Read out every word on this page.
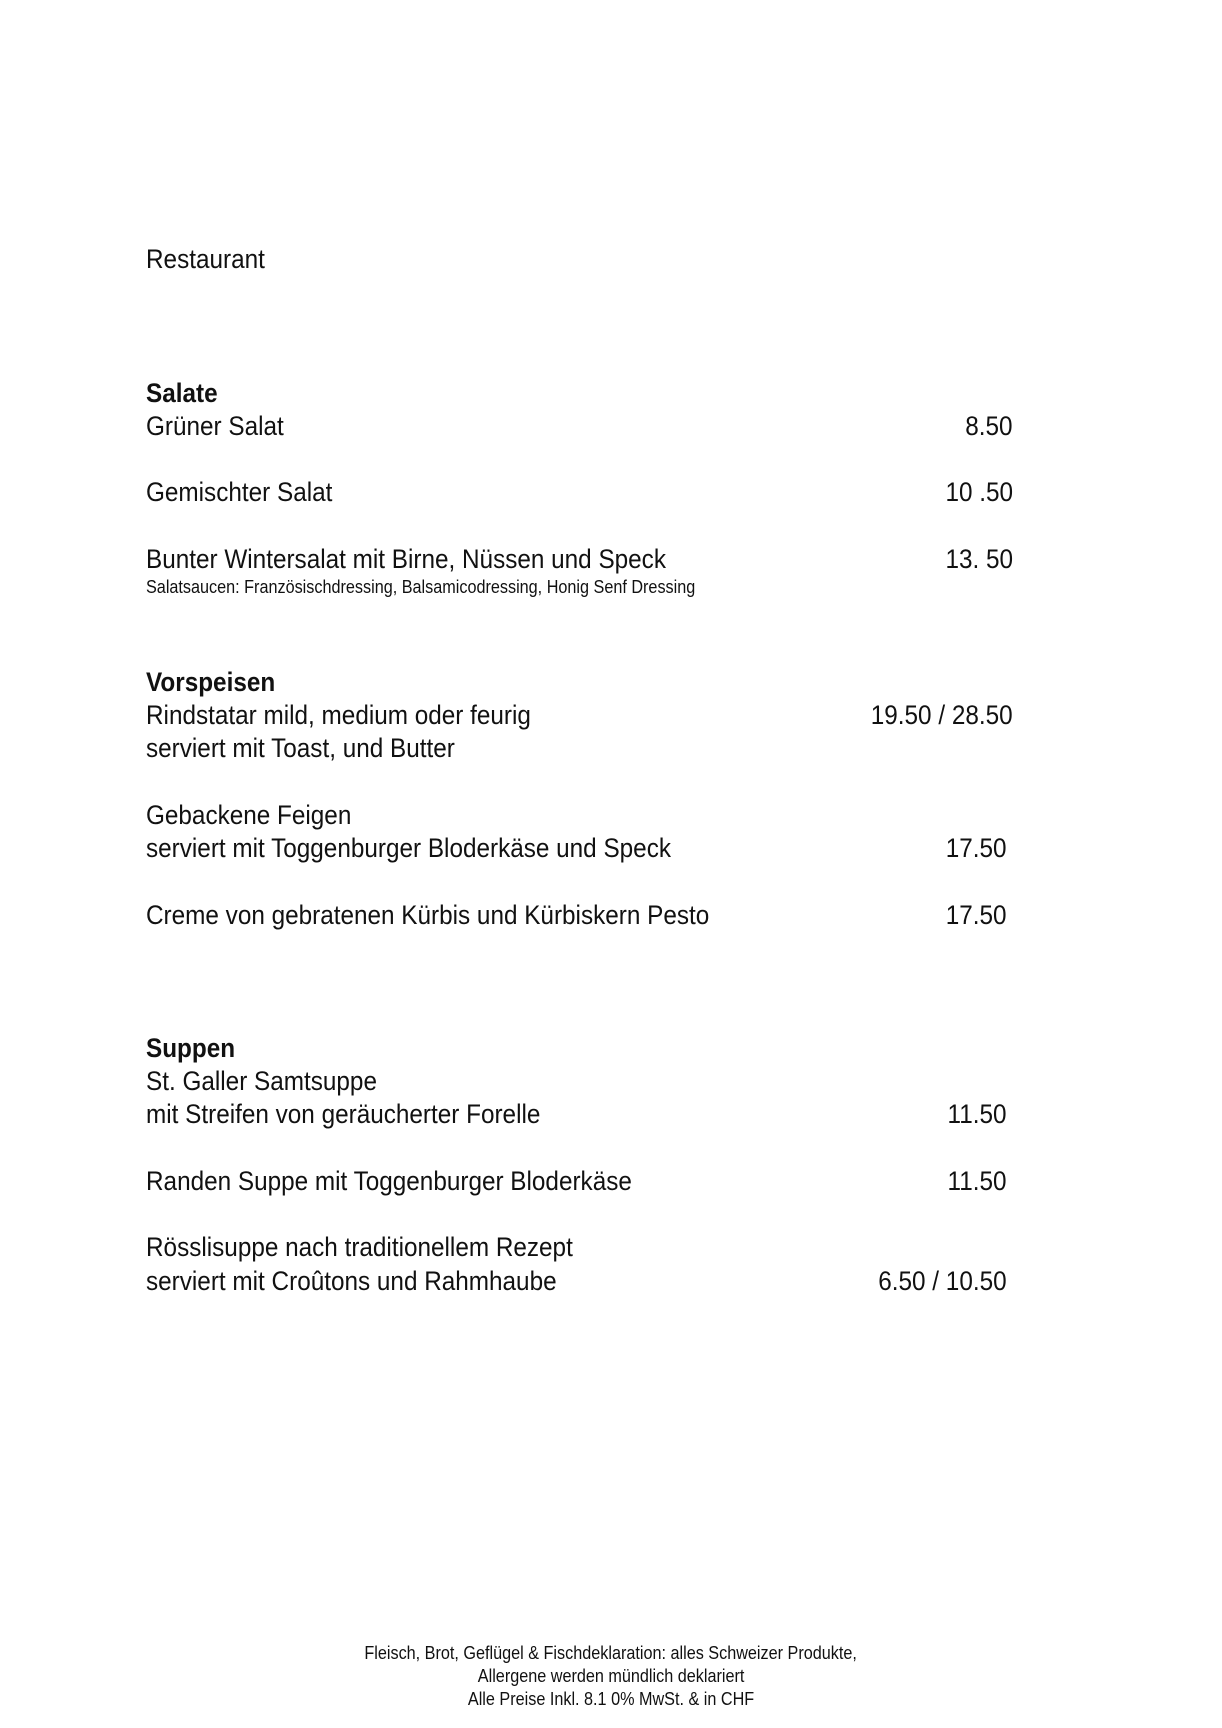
Restaurant
Salate
Grüner Salat	8.50
Gemischter Salat	10 .50
Bunter Wintersalat mit Birne, Nüssen und Speck	13. 50
Salatsaucen: Französischdressing, Balsamicodressing, Honig Senf Dressing
Vorspeisen
Rindstatar mild, medium oder feurig	19.50 / 28.50
serviert mit Toast, und Butter
Gebackene Feigen
serviert mit Toggenburger Bloderkäse und Speck	17.50
Creme von gebratenen Kürbis und Kürbiskern Pesto	17.50
Suppen
St. Galler Samtsuppe
mit Streifen von geräucherter Forelle	11.50
Randen Suppe mit Toggenburger Bloderkäse	11.50
Rösslisuppe nach traditionellem Rezept
serviert mit Croûtons und Rahmhaube	6.50 / 10.50
Fleisch, Brot, Geflügel & Fischdeklaration: alles Schweizer Produkte,
Allergene werden mündlich deklariert
Alle Preise Inkl. 8.1 0% MwSt. & in CHF
